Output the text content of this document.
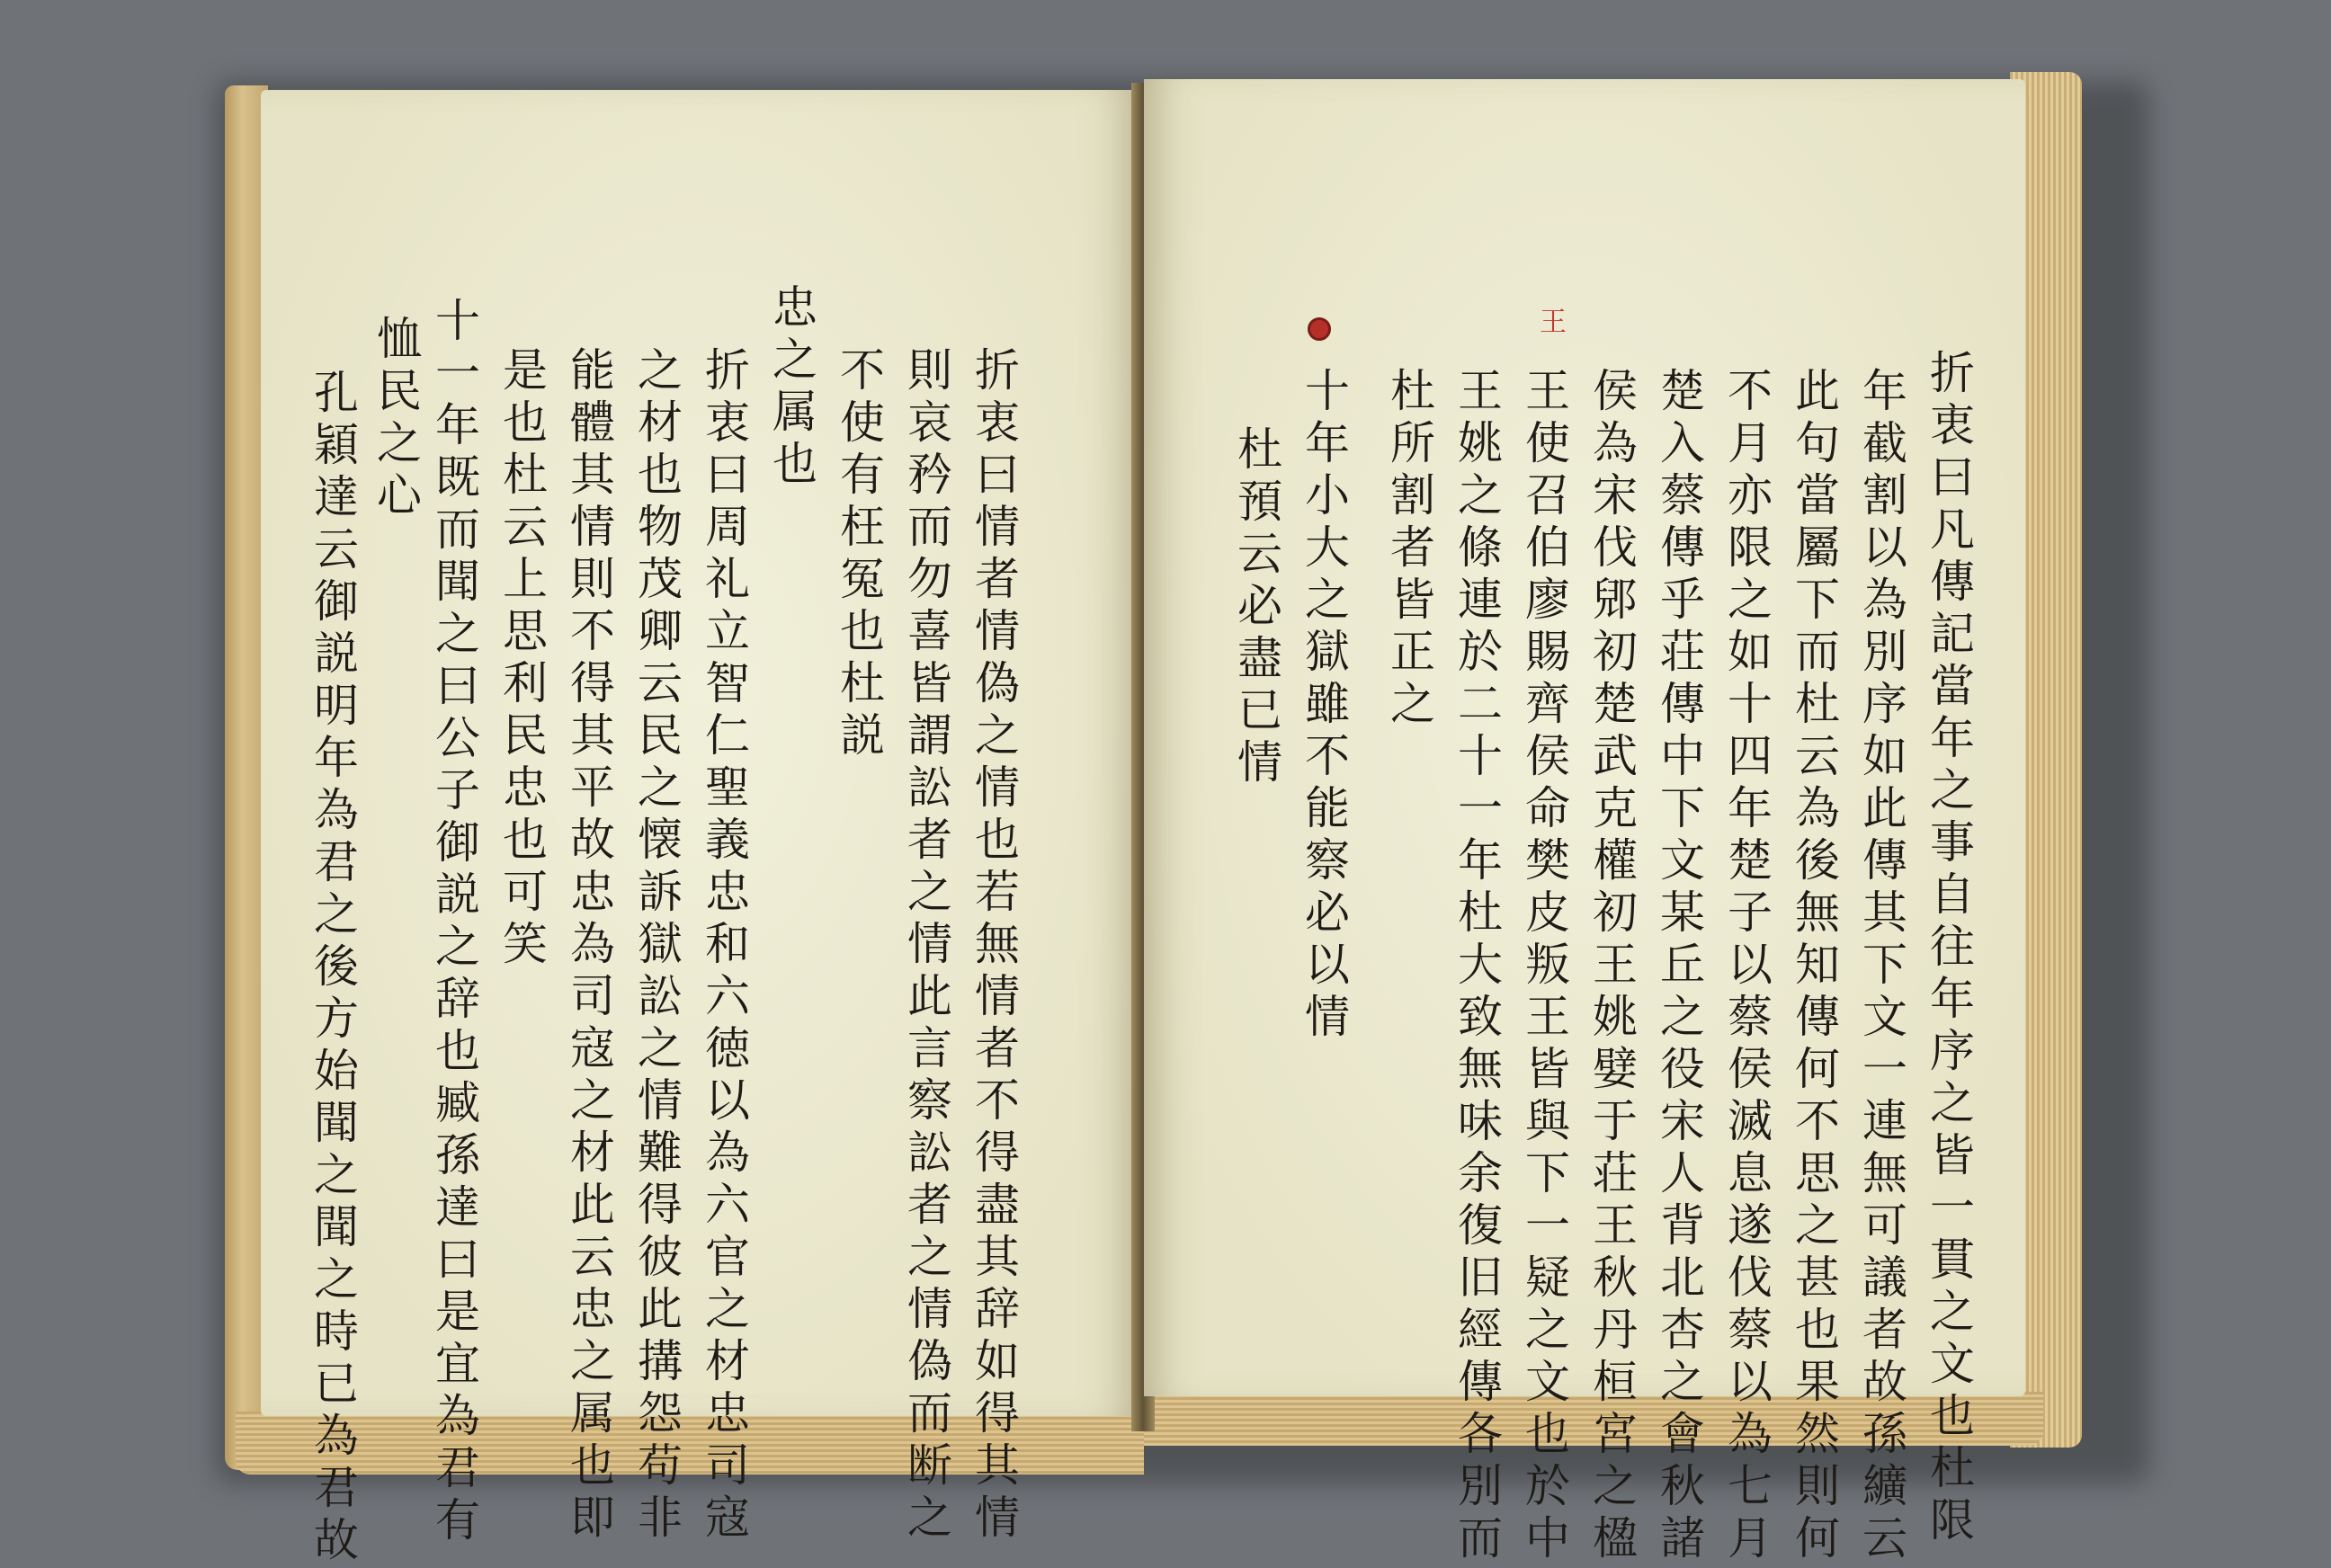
折衷曰情者情偽之情也若無情者不得盡其辞如得其情
則哀矜而勿喜皆謂訟者之情此言察訟者之情偽而断之
不使有枉冤也杜説
忠之属也
折衷曰周礼立智仁聖義忠和六徳以為六官之材忠司寇
之材也物茂卿云民之懐訴獄訟之情難得彼此搆怨苟非
能體其情則不得其平故忠為司寇之材此云忠之属也即
是也杜云上思利民忠也可笑
十一年既而聞之曰公子御説之辞也臧孫達曰是宜為君有
恤民之心
孔穎達云御説明年為君之後方始聞之聞之時已為君故	折衷曰凡傳記當年之事自往年序之皆一貫之文也杜限
年截割以為別序如此傳其下文一連無可議者故孫纊云
此句當屬下而杜云為後無知傳何不思之甚也果然則何
不月亦限之如十四年楚子以蔡侯滅息遂伐蔡以為七月
楚入蔡傳乎荘傳中下文某丘之役宋人背北杏之會秋諸
侯為宋伐郳初楚武克權初王姚嬖于荘王秋丹桓宮之楹
王使召伯廖賜齊侯命樊皮叛王皆與下一疑之文也於中
王姚之條連於二十一年杜大致無味余復旧經傳各別而
杜所割者皆正之
王
十年小大之獄雖不能察必以情
杜預云必盡已情
